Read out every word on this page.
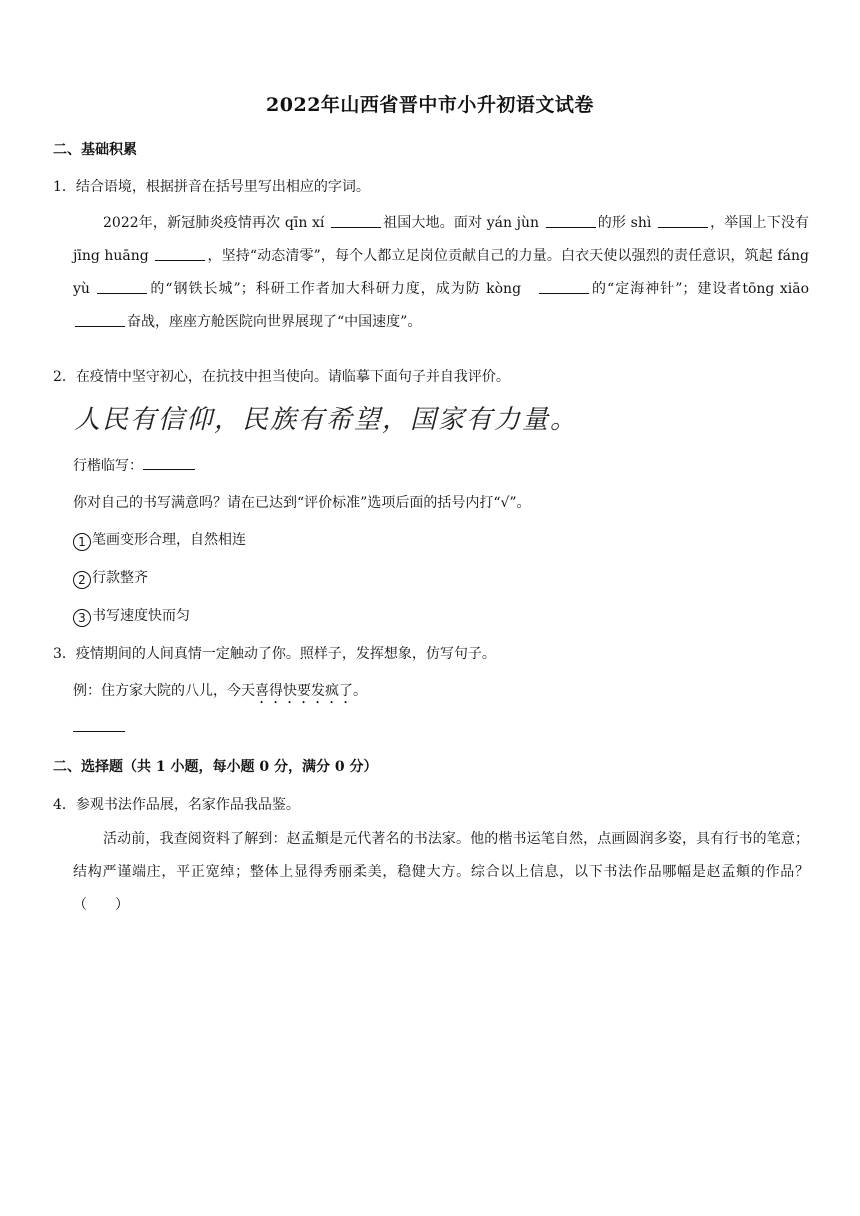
2022年山西省晋中市小升初语文试卷
二、基础积累
1．结合语境，根据拼音在括号里写出相应的字词。
2022年，新冠肺炎疫情再次 qīn xí	祖国大地。面对 yán jùn	的形 shì	，举国上下没有 jīng huāng	，坚持“动态清零”，每个人都立足岗位贡献自己的力量。白衣天使以强烈的责任意识，筑起 fáng yù	的“钢铁长城”；科研工作者加大科研力度，成为防 kòng　	的“定海神针”；建设者tōng xiāo 奋战，座座方舱医院向世界展现了“中国速度”。
2．在疫情中坚守初心，在抗技中担当使向。请临摹下面句子并自我评价。
人民有信仰，民族有希望，国家有力量。
行楷临写：
你对自己的书写满意吗？请在已达到“评价标准”选项后面的括号内打“√”。
1 笔画变形合理，自然相连
2 行款整齐
3 书写速度快而匀
3．疫情期间的人间真情一定触动了你。照样子，发挥想象，仿写句子。
例：住方家大院的八儿，今天喜得快要发疯了。
二、选择题（共 1 小题，每小题 0 分，满分 0 分）
4．参观书法作品展，名家作品我品鉴。
活动前，我查阅资料了解到：赵孟頫是元代著名的书法家。他的楷书运笔自然，点画圆润多姿，具有行书的笔意；结构严谨端庄，平正宽绰；整体上显得秀丽柔美，稳健大方。综合以上信息，以下书法作品哪幅是赵孟頫的作品？（　　）
